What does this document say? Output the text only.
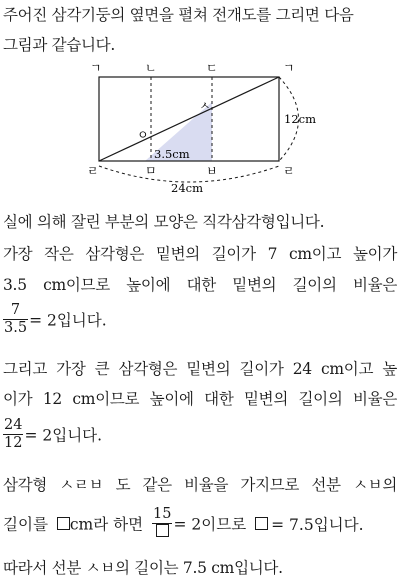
주어진 삼각기둥의 옆면을 펼쳐 전개도를 그리면 다음
그림과 같습니다.
ㄱ	ㄴ	ㄷ	ㄱ
ㄹ	ㅁ	ㅂ	ㄹ
ㅇ
ㅅ
3.5cm
12cm
24cm
실에 의해 잘린 부분의 모양은 직각삼각형입니다.
가장 작은 삼각형은 밑변의 길이가 7 cm이고 높이가
3.5 cm이므로 높이에 대한 밑변의 길이의 비율은
$\frac{7}{3.5} = 2$입니다.
그리고 가장 큰 삼각형은 밑변의 길이가 24 cm이고 높
이가 12 cm이므로 높이에 대한 밑변의 길이의 비율은
$\frac{24}{12} = 2$입니다.
삼각형 ㅅㄹㅂ 도 같은 비율을 가지므로 선분 ㅅㅂ의
길이를 cm라 하면
15
= 2이므로 = 7.5입니다.
따라서 선분 ㅅㅂ의 길이는 7.5 cm입니다.
